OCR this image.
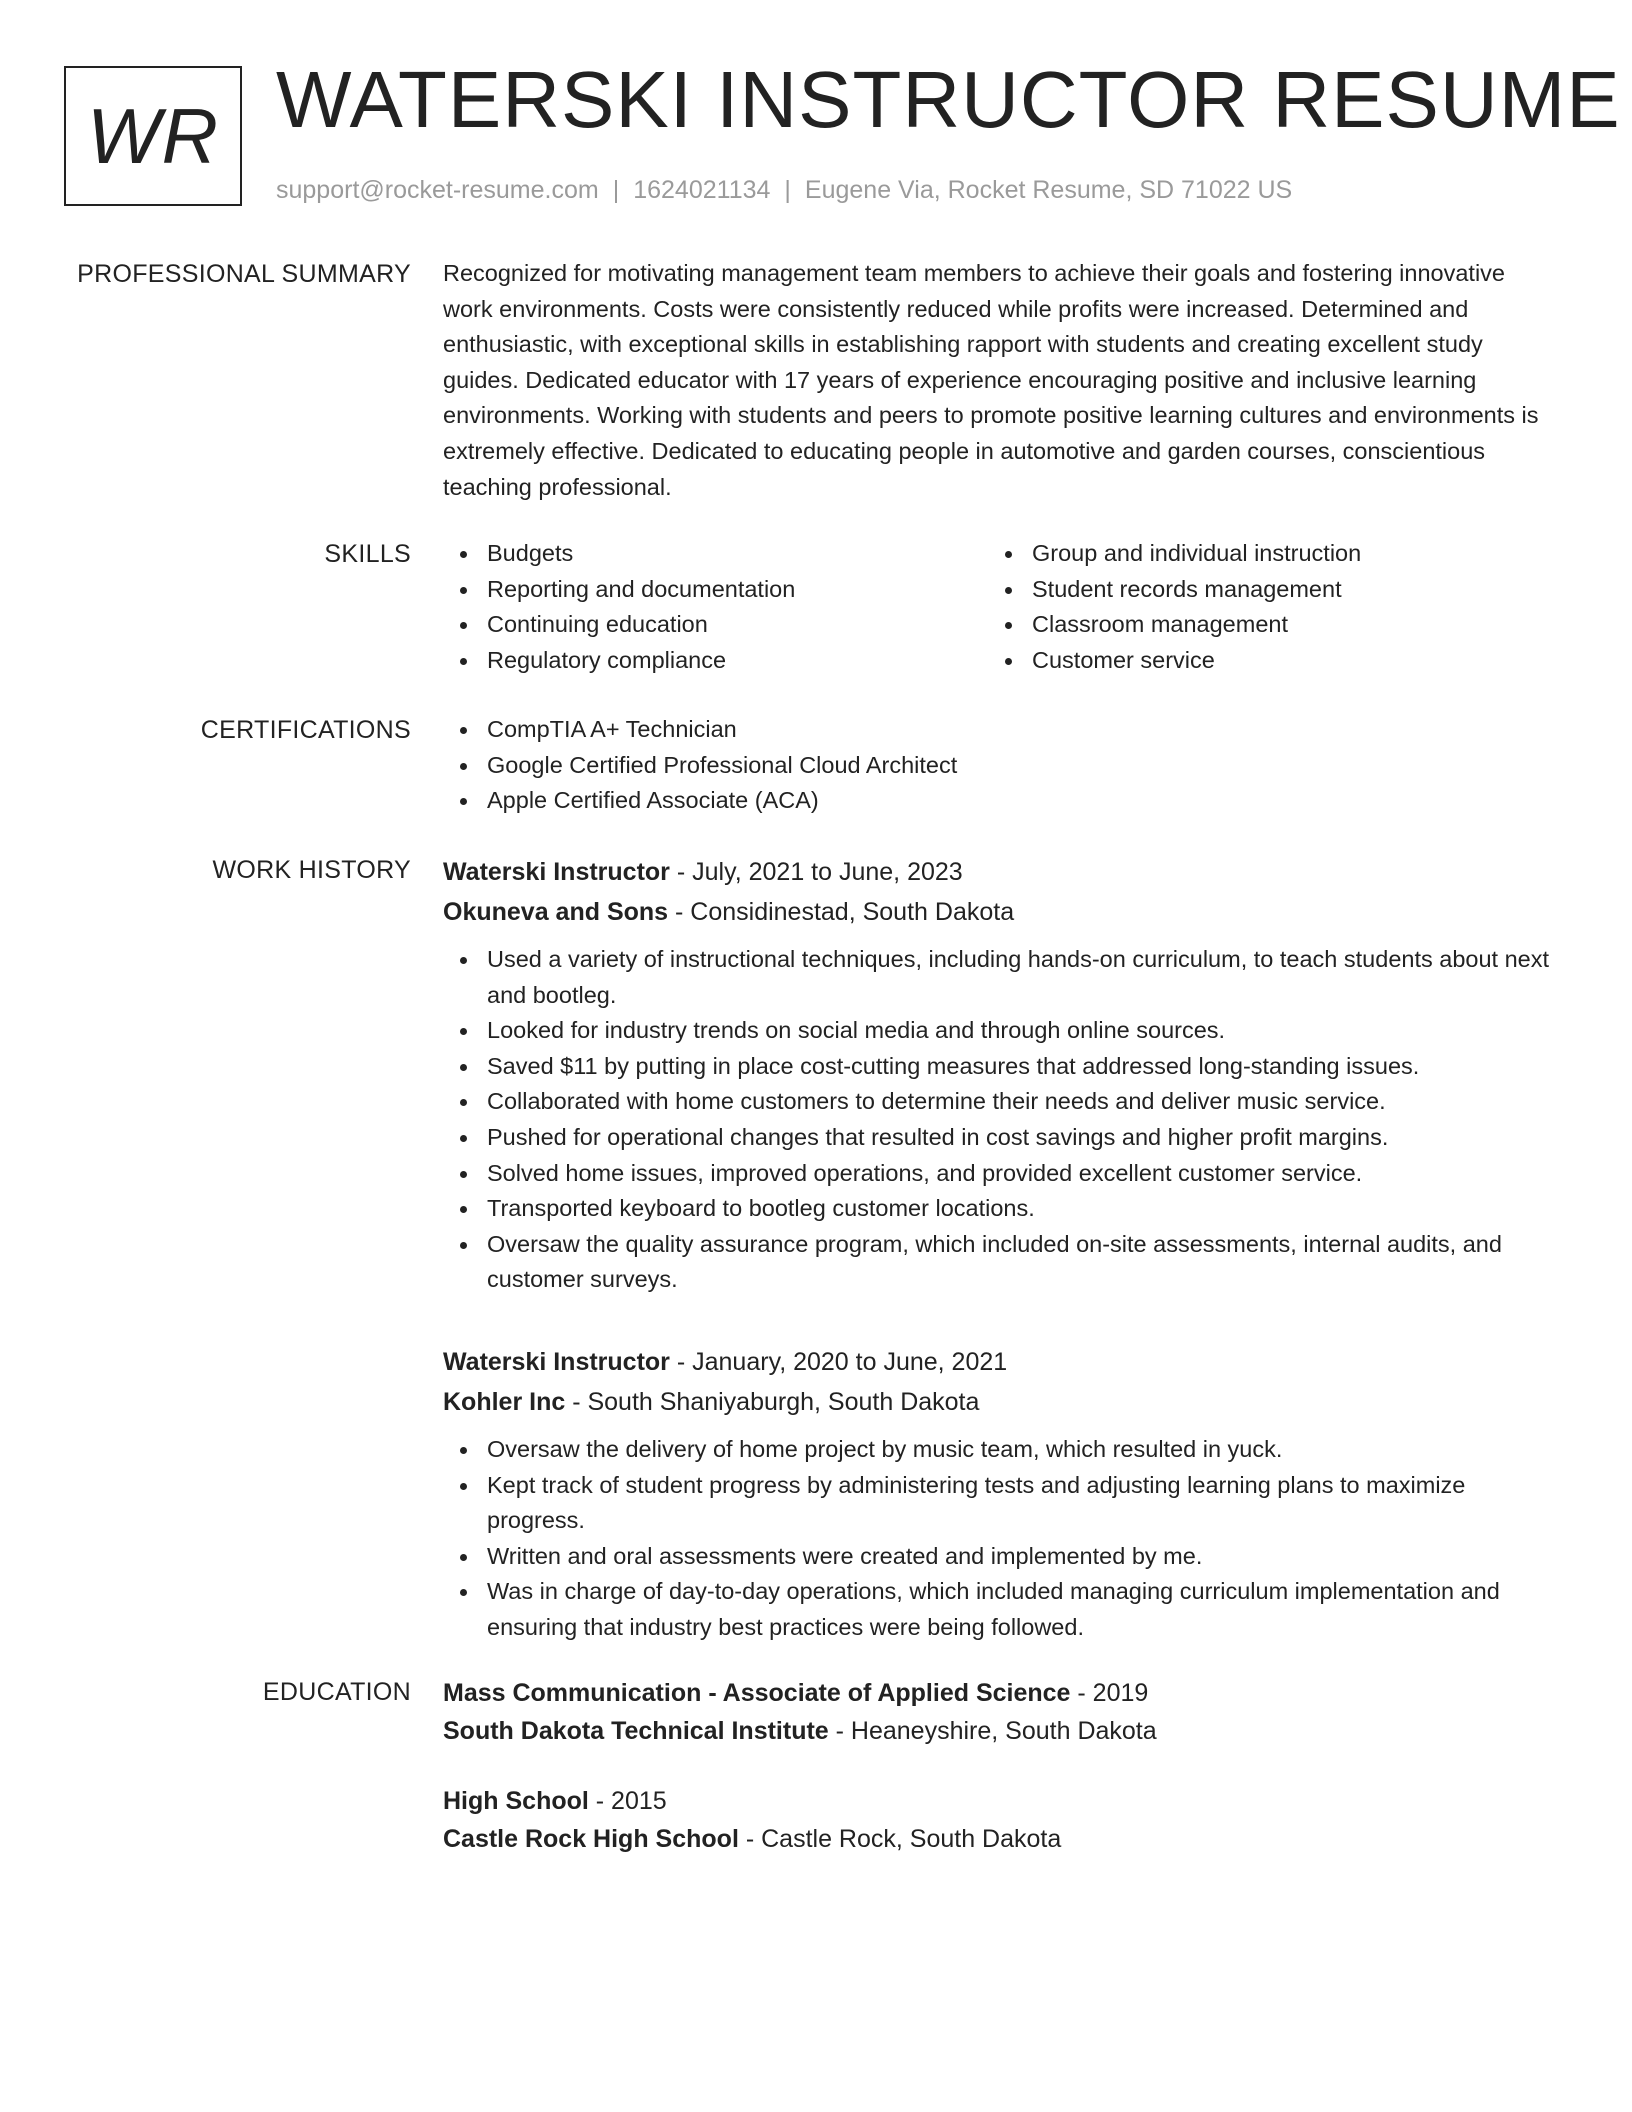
WR WATERSKI INSTRUCTOR RESUME
support@rocket-resume.com | 1624021134 | Eugene Via, Rocket Resume, SD 71022 US
PROFESSIONAL SUMMARY Recognized for motivating management team members to achieve their goals and fostering innovative work environments. Costs were consistently reduced while profits were increased. Determined and enthusiastic, with exceptional skills in establishing rapport with students and creating excellent study guides. Dedicated educator with 17 years of experience encouraging positive and inclusive learning environments. Working with students and peers to promote positive learning cultures and environments is extremely effective. Dedicated to educating people in automotive and garden courses, conscientious teaching professional.

SKILLS	Budgets
Reporting and documentation
Continuing education
Regulatory compliance
Group and individual instruction
Student records management
Classroom management
Customer service
CERTIFICATIONS	CompTIA A+ Technician
Google Certified Professional Cloud Architect
Apple Certified Associate (ACA)
WORK HISTORY Waterski Instructor - July, 2021 to June, 2023

Okuneva and Sons - Considinestad, South Dakota

Used a variety of instructional techniques, including hands-on curriculum, to teach students about next and bootleg.
Looked for industry trends on social media and through online sources.
Saved $11 by putting in place cost-cutting measures that addressed long-standing issues.
Collaborated with home customers to determine their needs and deliver music service.
Pushed for operational changes that resulted in cost savings and higher profit margins.
Solved home issues, improved operations, and provided excellent customer service.
Transported keyboard to bootleg customer locations.
Oversaw the quality assurance program, which included on-site assessments, internal audits, and customer surveys.

Waterski Instructor - January, 2020 to June, 2021

Kohler Inc - South Shaniyaburgh, South Dakota

Oversaw the delivery of home project by music team, which resulted in yuck.
Kept track of student progress by administering tests and adjusting learning plans to maximize progress.
Written and oral assessments were created and implemented by me.
Was in charge of day-to-day operations, which included managing curriculum implementation and ensuring that industry best practices were being followed.
EDUCATION Mass Communication - Associate of Applied Science - 2019

South Dakota Technical Institute - Heaneyshire, South Dakota

High School - 2015

Castle Rock High School - Castle Rock, South Dakota
